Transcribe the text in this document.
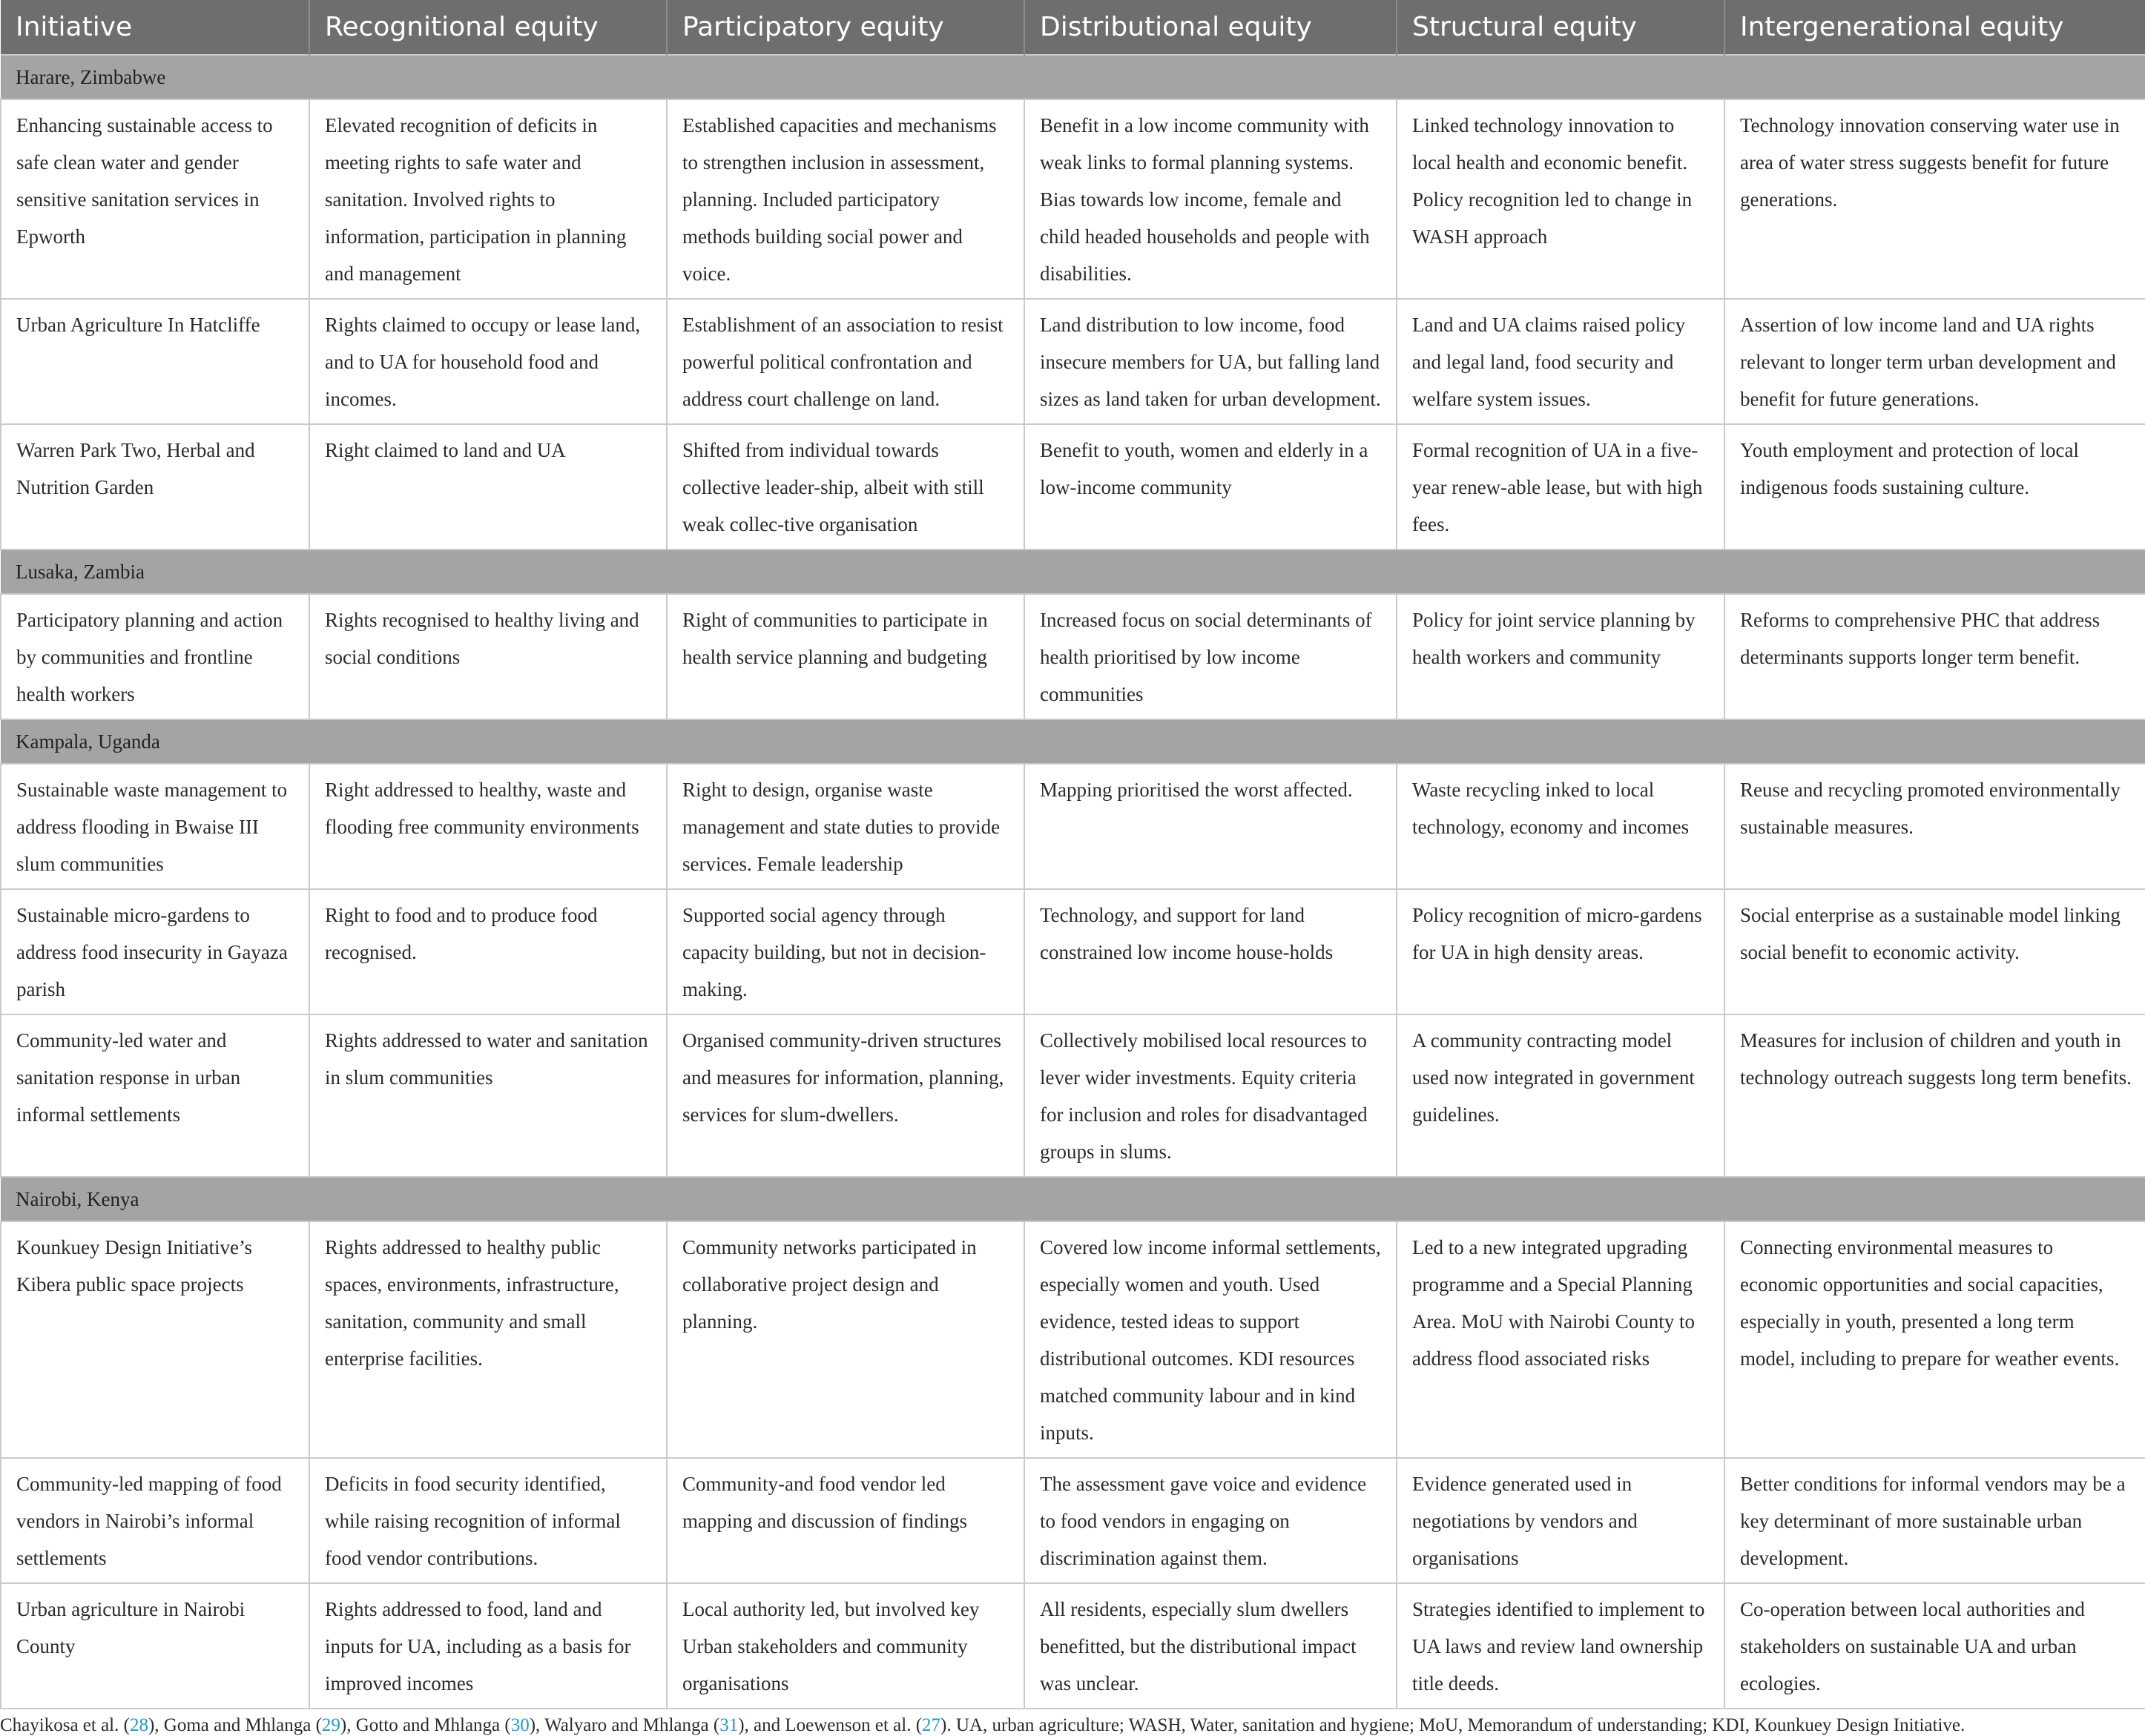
Initiative	Recognitional equity	Participatory equity	Distributional equity	Structural equity	Intergenerational equity
Harare, Zimbabwe					
Enhancing sustainable access to safe clean water and gender sensitive sanitation services in Epworth	Elevated recognition of deficits in meeting rights to safe water and sanitation. Involved rights to information, participation in planning and management	Established capacities and mechanisms to strengthen inclusion in assessment, planning. Included participatory methods building social power and voice.	Benefit in a low income community with weak links to formal planning systems. Bias towards low income, female and child headed households and people with disabilities.	Linked technology innovation to local health and economic benefit. Policy recognition led to change in WASH approach	Technology innovation conserving water use in area of water stress suggests benefit for future generations.
Urban Agriculture In Hatcliffe	Rights claimed to occupy or lease land, and to UA for household food and incomes.	Establishment of an association to resist powerful political confrontation and address court challenge on land.	Land distribution to low income, food insecure members for UA, but falling land sizes as land taken for urban development.	Land and UA claims raised policy and legal land, food security and welfare system issues.	Assertion of low income land and UA rights relevant to longer term urban development and benefit for future generations.
Warren Park Two, Herbal and Nutrition Garden	Right claimed to land and UA	Shifted from individual towards collective leader-ship, albeit with still weak collec-tive organisation	Benefit to youth, women and elderly in a low-income community	Formal recognition of UA in a five-year renew-able lease, but with high fees.	Youth employment and protection of local indigenous foods sustaining culture.
Lusaka, Zambia					
Participatory planning and action by communities and frontline health workers	Rights recognised to healthy living and social conditions	Right of communities to participate in health service planning and budgeting	Increased focus on social determinants of health prioritised by low income communities	Policy for joint service planning by health workers and community	Reforms to comprehensive PHC that address determinants supports longer term benefit.
Kampala, Uganda					
Sustainable waste management to address flooding in Bwaise III slum communities	Right addressed to healthy, waste and flooding free community environments	Right to design, organise waste management and state duties to provide services. Female leadership	Mapping prioritised the worst affected.	Waste recycling inked to local technology, economy and incomes	Reuse and recycling promoted environmentally sustainable measures.
Sustainable micro-gardens to address food insecurity in Gayaza parish	Right to food and to produce food recognised.	Supported social agency through capacity building, but not in decision-making.	Technology, and support for land constrained low income house-holds	Policy recognition of micro-gardens for UA in high density areas.	Social enterprise as a sustainable model linking social benefit to economic activity.
Community-led water and sanitation response in urban informal settlements	Rights addressed to water and sanitation in slum communities	Organised community-driven structures and measures for information, planning, services for slum-dwellers.	Collectively mobilised local resources to lever wider investments. Equity criteria for inclusion and roles for disadvantaged groups in slums.	A community contracting model used now integrated in government guidelines.	Measures for inclusion of children and youth in technology outreach suggests long term benefits.
Nairobi, Kenya					
Kounkuey Design Initiative’s Kibera public space projects	Rights addressed to healthy public spaces, environments, infrastructure, sanitation, community and small enterprise facilities.	Community networks participated in collaborative project design and planning.	Covered low income informal settlements, especially women and youth. Used evidence, tested ideas to support distributional outcomes. KDI resources matched community labour and in kind inputs.	Led to a new integrated upgrading programme and a Special Planning Area. MoU with Nairobi County to address flood associated risks	Connecting environmental measures to economic opportunities and social capacities, especially in youth, presented a long term model, including to prepare for weather events.
Community-led mapping of food vendors in Nairobi’s informal settlements	Deficits in food security identified, while raising recognition of informal food vendor contributions.	Community-and food vendor led mapping and discussion of findings	The assessment gave voice and evidence to food vendors in engaging on discrimination against them.	Evidence generated used in negotiations by vendors and organisations	Better conditions for informal vendors may be a key determinant of more sustainable urban development.
Urban agriculture in Nairobi County	Rights addressed to food, land and inputs for UA, including as a basis for improved incomes	Local authority led, but involved key Urban stakeholders and community organisations	All residents, especially slum dwellers benefitted, but the distributional impact was unclear.	Strategies identified to implement to UA laws and review land ownership title deeds.	Co-operation between local authorities and stakeholders on sustainable UA and urban ecologies.
Chayikosa et al. (28), Goma and Mhlanga (29), Gotto and Mhlanga (30), Walyaro and Mhlanga (31), and Loewenson et al. (27). UA, urban agriculture; WASH, Water, sanitation and hygiene; MoU, Memorandum of understanding; KDI, Kounkuey Design Initiative.
